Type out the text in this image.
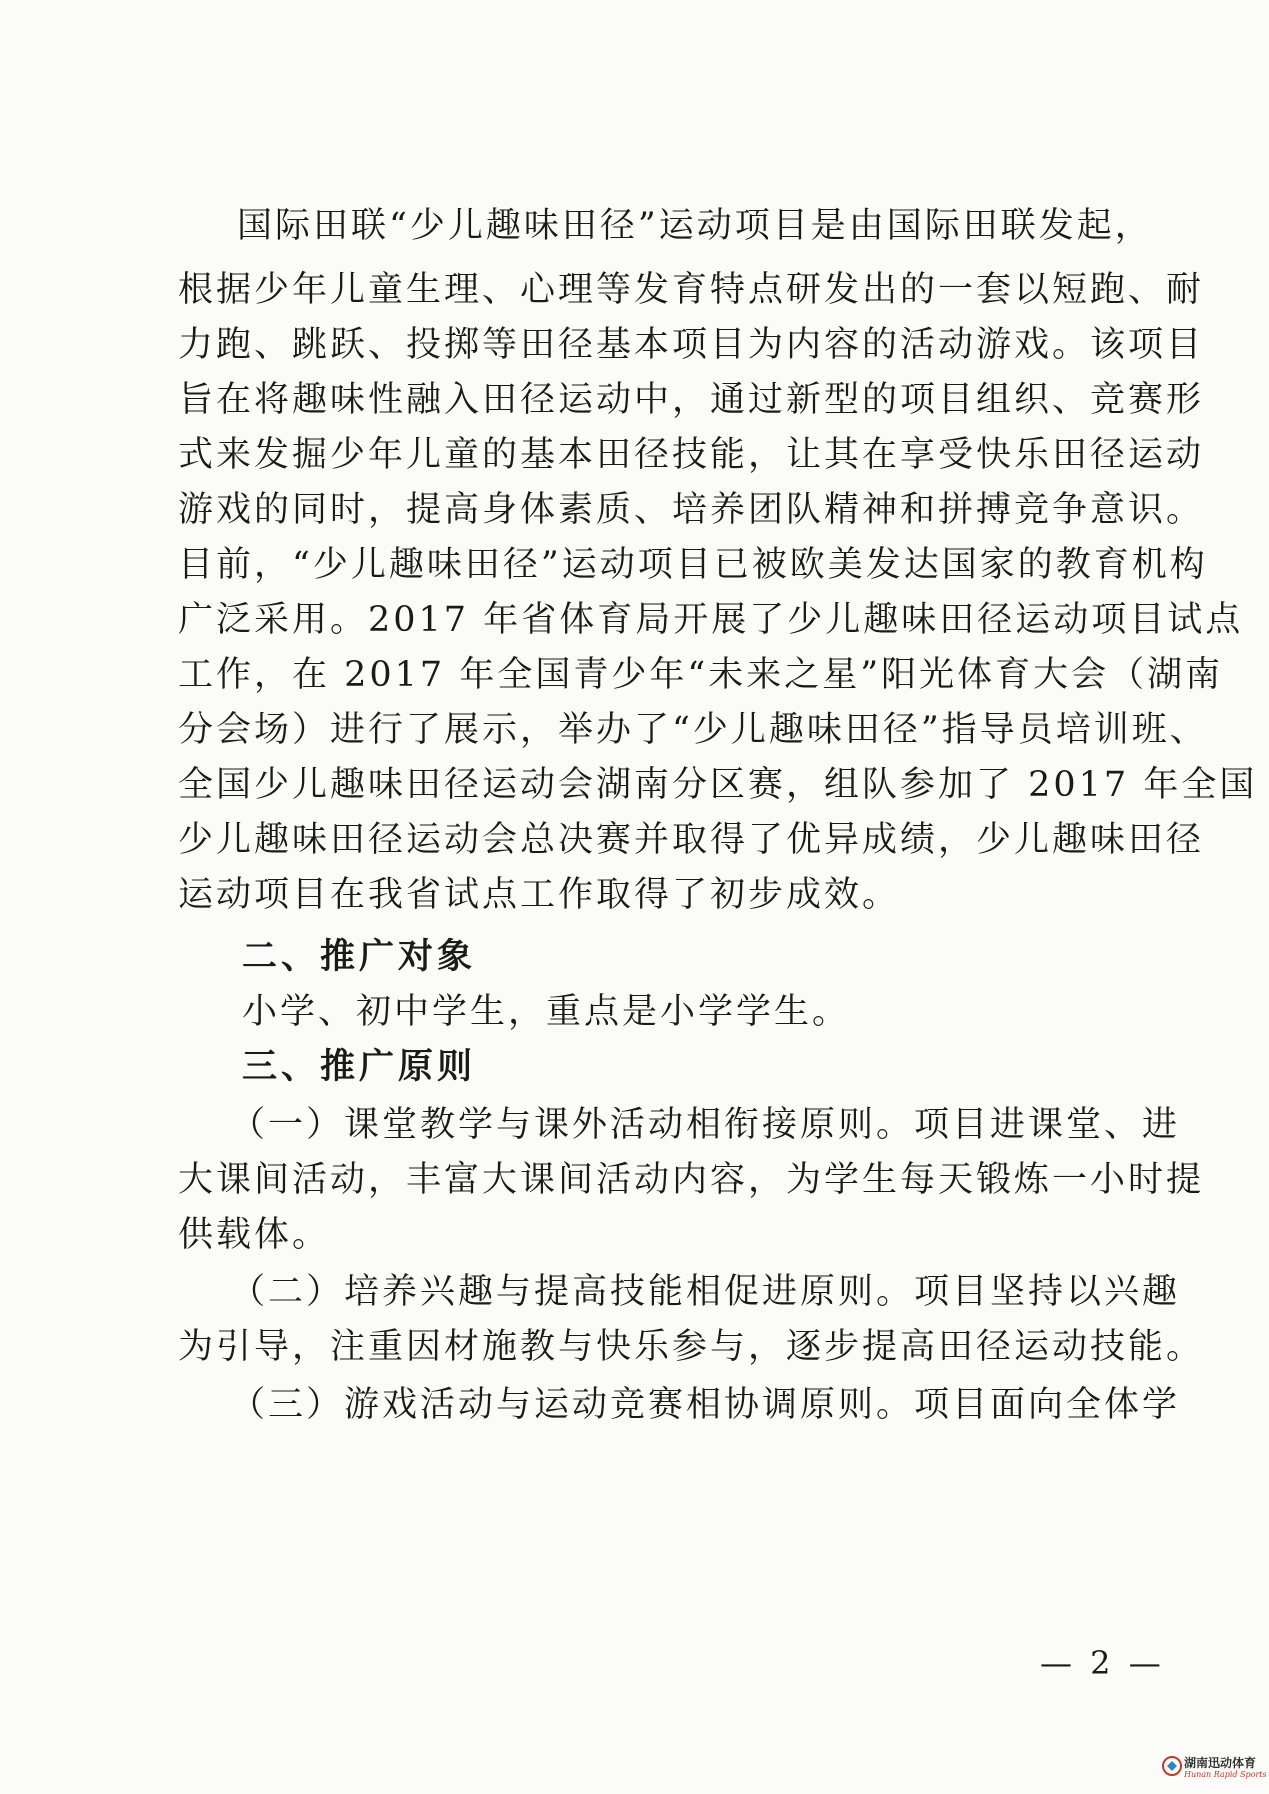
国际田联“少儿趣味田径”运动项目是由国际田联发起，
根据少年儿童生理、心理等发育特点研发出的一套以短跑、耐
力跑、跳跃、投掷等田径基本项目为内容的活动游戏。该项目
旨在将趣味性融入田径运动中，通过新型的项目组织、竞赛形
式来发掘少年儿童的基本田径技能，让其在享受快乐田径运动
游戏的同时，提高身体素质、培养团队精神和拼搏竞争意识。
目前，“少儿趣味田径”运动项目已被欧美发达国家的教育机构
广泛采用。2017 年省体育局开展了少儿趣味田径运动项目试点
工作，在 2017 年全国青少年“未来之星”阳光体育大会（湖南
分会场）进行了展示，举办了“少儿趣味田径”指导员培训班、
全国少儿趣味田径运动会湖南分区赛，组队参加了 2017 年全国
少儿趣味田径运动会总决赛并取得了优异成绩，少儿趣味田径
运动项目在我省试点工作取得了初步成效。
二、推广对象
小学、初中学生，重点是小学学生。
三、推广原则
（一）课堂教学与课外活动相衔接原则。项目进课堂、进
大课间活动，丰富大课间活动内容，为学生每天锻炼一小时提
供载体。
（二）培养兴趣与提高技能相促进原则。项目坚持以兴趣
为引导，注重因材施教与快乐参与，逐步提高田径运动技能。
（三）游戏活动与运动竞赛相协调原则。项目面向全体学
— 2 —
湖南迅动体育
Hunan Rapid Sports
